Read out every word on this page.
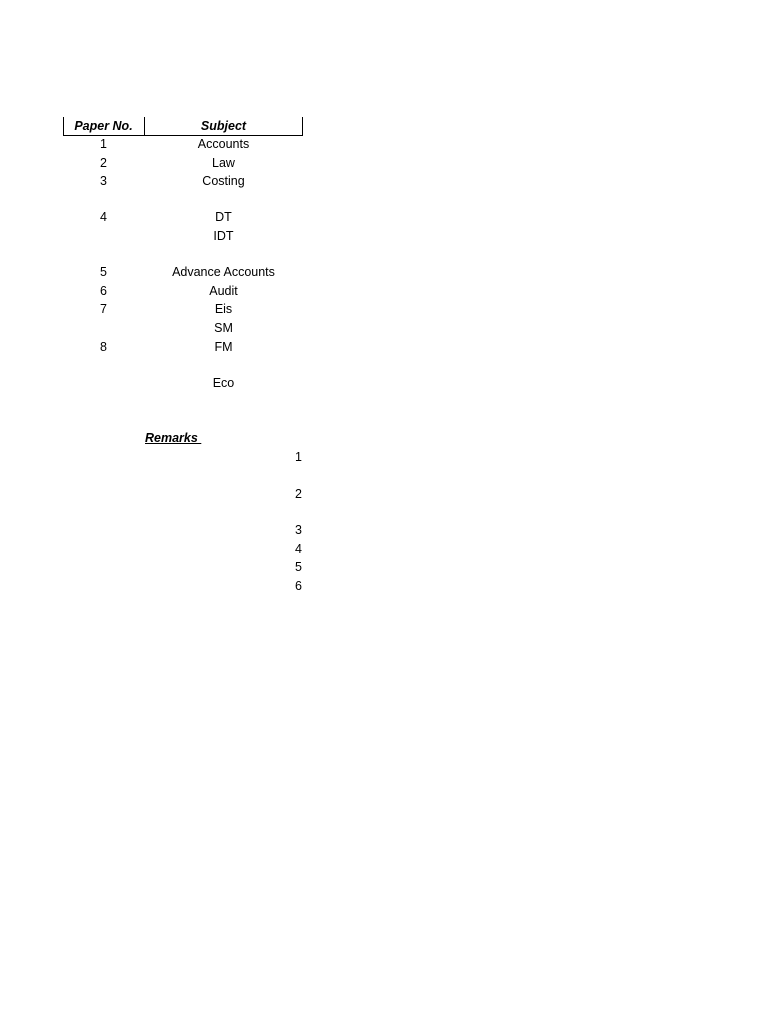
Paper No.	Subject
1	Accounts
2	Law
3	Costing
4	DT
IDT
5	Advance Accounts
6	Audit
7	Eis
SM
8	FM
Eco
Remarks
1
2
3
4
5
6
